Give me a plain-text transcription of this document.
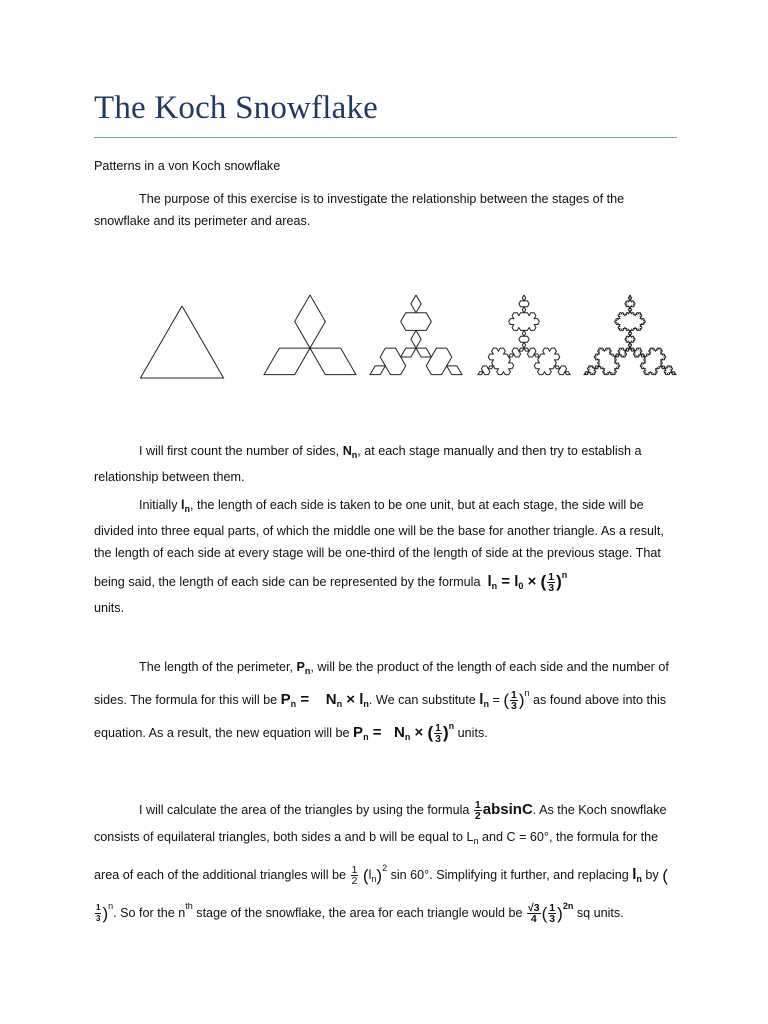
The Koch Snowflake

Patterns in a von Koch snowflake

The purpose of this exercise is to investigate the relationship between the stages of the snowflake and its perimeter and areas.

I will first count the number of sides, $N_n$, at each stage manually and then try to establish a relationship between them.

Initially $l_n$, the length of each side is taken to be one unit, but at each stage, the side will be divided into three equal parts, of which the middle one will be the base for another triangle. As a result, the length of each side at every stage will be one-third of the length of side at the previous stage. That being said, the length of each side can be represented by the formula $l_n = l_0$ × ( $\frac{1}{3} )^n$
units.

The length of the perimeter, $P_n$, will be the product of the length of each side and the number of sides. The formula for this will be $P_n$ =    $N_n \times l_n$. We can substitute $l_n$ = ( $\frac{1}{3} )^n$ as found above into this equation. As a result, the new equation will be $P_n = N_n$ × ( $\frac{1}{3} )^n$ units.

I will calculate the area of the triangles by using the formula $\frac{1}{2} absinC$. As the Koch snowflake consists of equilateral triangles, both sides a and b will be equal to $L_n$ and C = 60°, the formula for the area of each of the additional triangles will be $\frac{1}{2} (l_n)^2$ sin 60°. Simplifying it further, and replacing $l_n$ by (
$\frac{1}{3} )^n$. So for the $n^{th}$ stage of the snowflake, the area for each triangle would be $\frac{√3}{4}$ ( $\frac{1}{3} )^{2n}$ sq units.
